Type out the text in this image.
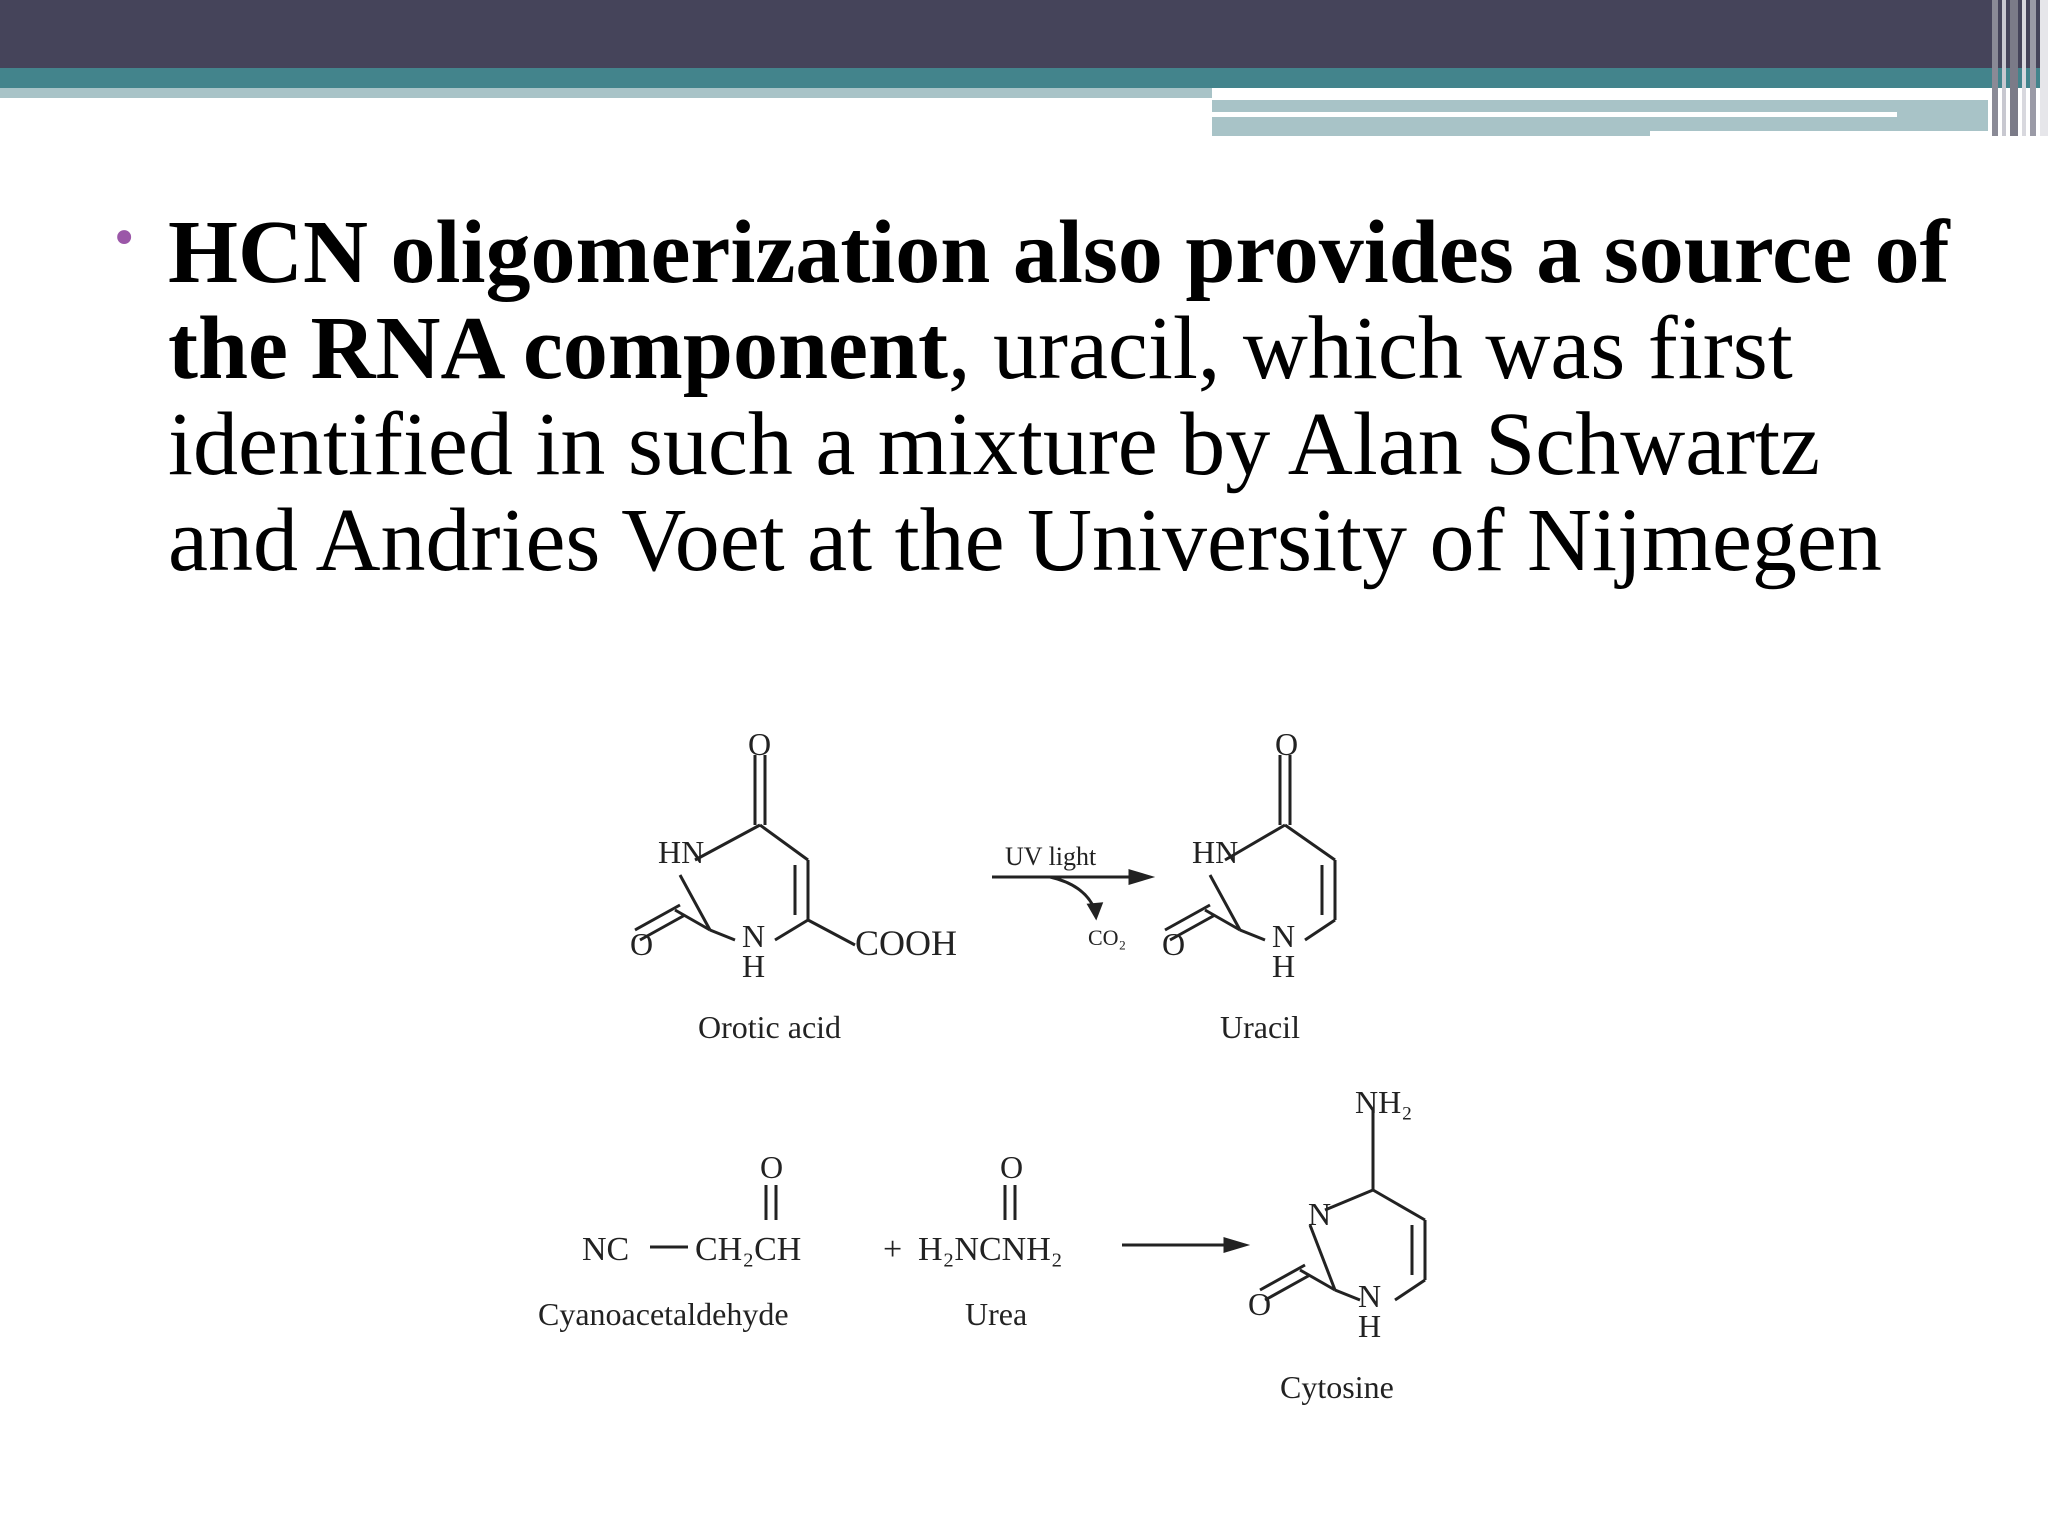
• HCN oligomerization also provides a source of the RNA component, uracil, which was first identified in such a mixture by Alan Schwartz and Andries Voet at the University of Nijmegen
O
HN
O	N
H
COOH
Orotic acid
UV light
CO₂
O
HN
O	N
H
Uracil
O
NC CH₂CH
Cyanoacetaldehyde
O
+ H₂NCNH₂
Urea
NH₂
N
O	N
H
Cytosine
